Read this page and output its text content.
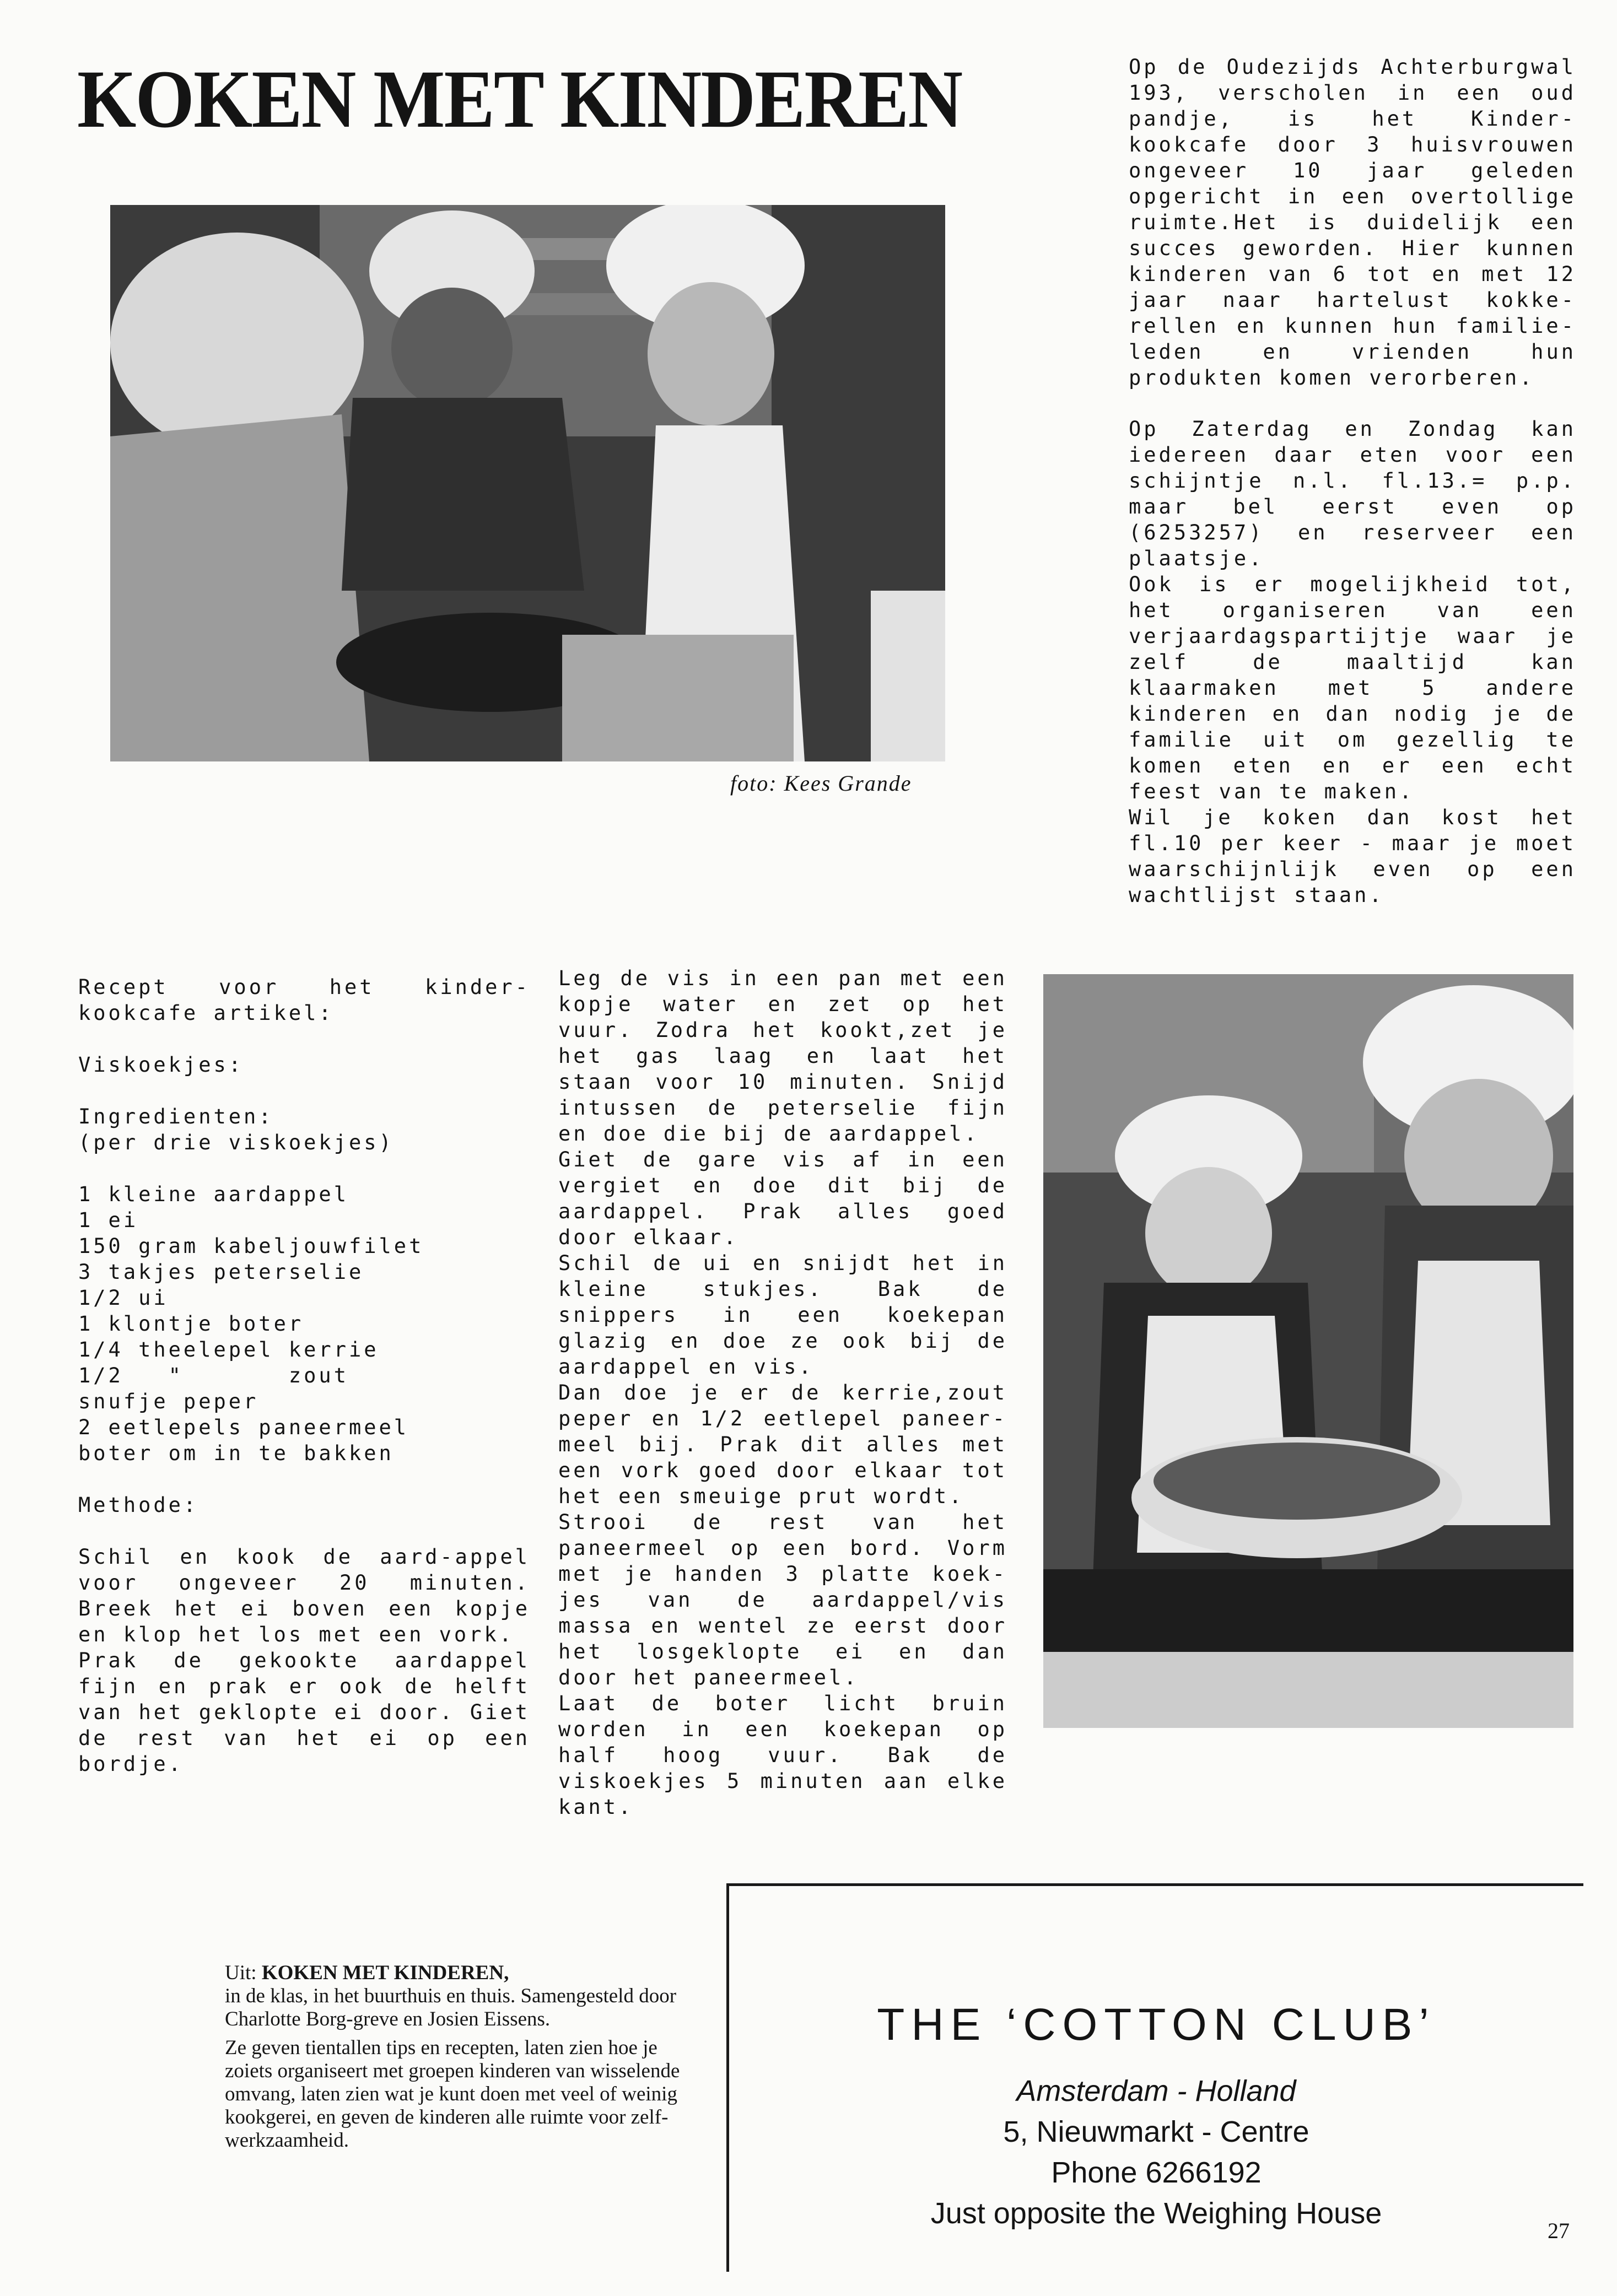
KOKEN MET KINDEREN
foto: Kees Grande

Op de Oudezijds Achterburgwal 193, verscholen in een oud pandje, is het Kinder-kookcafe door 3 huisvrouwen ongeveer 10 jaar geleden opgericht in een overtollige ruimte.Het is duidelijk een succes geworden. Hier kunnen kinderen van 6 tot en met 12 jaar naar hartelust kokke-rellen en kunnen hun familie-leden en vrienden hun produkten komen verorberen.

Op Zaterdag en Zondag kan iedereen daar eten voor een schijntje n.l. fl.13.= p.p. maar bel eerst even op (6253257) en reserveer een plaatsje.
Ook is er mogelijkheid tot, het organiseren van een verjaardagspartijtje waar je zelf de maaltijd kan klaarmaken met 5 andere kinderen en dan nodig je de familie uit om gezellig te komen eten en er een echt feest van te maken.
Wil je koken dan kost het fl.10 per keer - maar je moet waarschijnlijk even op een wachtlijst staan.

Recept voor het kinder-kookcafe artikel:

Viskoekjes:

Ingredienten:
(per drie viskoekjes)

1 kleine aardappel
1 ei
150 gram kabeljouwfilet
3 takjes peterselie
1/2 ui
1 klontje boter
1/4 theelepel kerrie
1/2   "       zout
snufje peper
2 eetlepels paneermeel
boter om in te bakken

Methode:

Schil en kook de aard-appel voor ongeveer 20 minuten. Breek het ei boven een kopje en klop het los met een vork.
Prak de gekookte aardappel fijn en prak er ook de helft van het geklopte ei door. Giet de rest van het ei op een bordje.

Leg de vis in een pan met een kopje water en zet op het vuur. Zodra het kookt,zet je het gas laag en laat het staan voor 10 minuten. Snijd intussen de peterselie fijn en doe die bij de aardappel.
Giet de gare vis af in een vergiet en doe dit bij de aardappel. Prak alles goed door elkaar.
Schil de ui en snijdt het in kleine stukjes. Bak de snippers in een koekepan glazig en doe ze ook bij de aardappel en vis.
Dan doe je er de kerrie,zout peper en 1/2 eetlepel paneer-meel bij. Prak dit alles met een vork goed door elkaar tot het een smeuige prut wordt.
Strooi de rest van het paneermeel op een bord. Vorm met je handen 3 platte koek-jes van de aardappel/vis massa en wentel ze eerst door het losgeklopte ei en dan door het paneermeel.
Laat de boter licht bruin worden in een koekepan op half hoog vuur. Bak de viskoekjes 5 minuten aan elke kant.

Uit: KOKEN MET KINDEREN,
in de klas, in het buurthuis en thuis. Samengesteld door Charlotte Borg-greve en Josien Eissens.

Ze geven tientallen tips en recepten, laten zien hoe je zoiets organiseert met groepen kinderen van wisselende omvang, laten zien wat je kunt doen met veel of weinig kookgerei, en geven de kinderen alle ruimte voor zelf-werkzaamheid.

THE ‘COTTON CLUB’
Amsterdam - Holland
5, Nieuwmarkt - Centre
Phone 6266192
Just opposite the Weighing House
27
